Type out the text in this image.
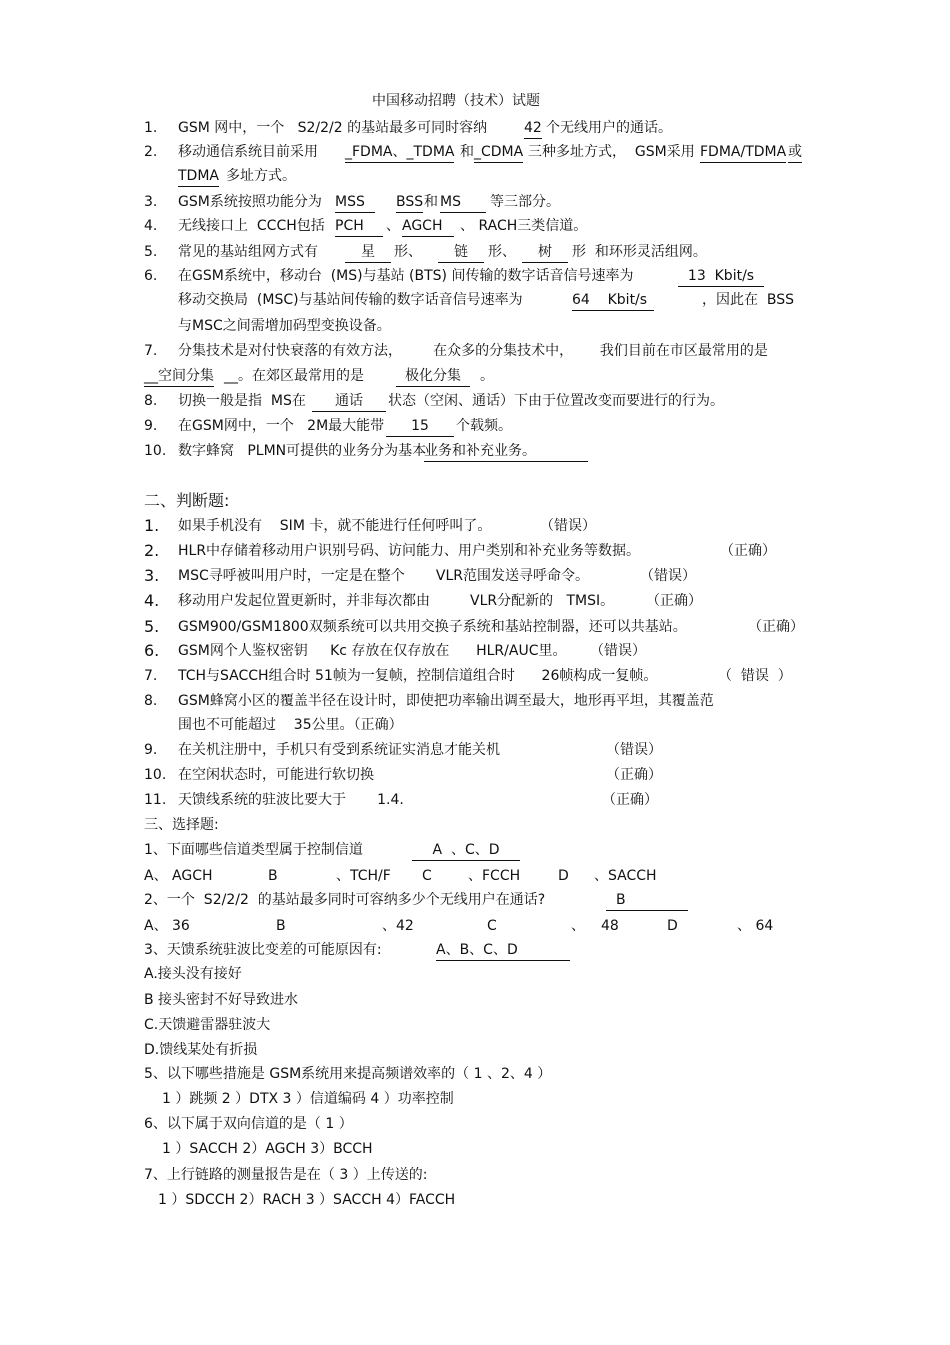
中国移动招聘（技术）试题
1. GSM 网中，一个   S2/2/2 的基站最多可同时容纳	42 个无线用户的通话。
2. 移动通信系统目前采用 _FDMA、_TDMA 和 _CDMA 三种多址方式，  GSM采用 FDMA/TDMA 或
TDMA 多址方式。
3. GSM系统按照功能分为 MSS	BSS 和 MS	等三部分。
4. 无线接口上  CCCH包括 PCH	、 AGCH	、 RACH三类信道。
5. 常见的基站组网方式有	星	形、	链	形、	树	形  和环形灵活组网。
6. 在GSM系统中，移动台  (MS)与基站 (BTS) 间传输的数字话音信号速率为	13  Kbit/s
移动交换局  (MSC)与基站间传输的数字话音信号速率为	64    Kbit/s	，因此在  BSS
与MSC之间需增加码型变换设备。
7. 分集技术是对付快衰落的有效方法，       在众多的分集技术中，      我们目前在市区最常用的是
__空间分集 __。在郊区最常用的是	极化分集	。
8. 切换一般是指  MS在	通话	状态（空闲、通话）下由于位置改变而要进行的行为。
9. 在GSM网中，一个   2M最大能带	15	个载频。
10. 数字蜂窝   PLMN可提供的业务分为基本
业务和补充业务。
二、判断题:
1. 如果手机没有    SIM 卡，就不能进行任何呼叫了。	（错误）
2. HLR中存储着移动用户识别号码、访问能力、用户类别和补充业务等数据。	（正确）
3. MSC寻呼被叫用户时，一定是在整个       VLR范围发送寻呼命令。	（错误）
4. 移动用户发起位置更新时，并非每次都由         VLR分配新的   TMSI。 （正确）
5. GSM900/GSM1800双频系统可以共用交换子系统和基站控制器，还可以共基站。	（正确）
6. GSM网个人鉴权密钥     Kc 存放在仅存放在      HLR/AUC里。 （错误）
7. TCH与SACCH组合时 51帧为一复帧，控制信道组合时      26帧构成一复帧。	（  错误  ）
8. GSM蜂窝小区的覆盖半径在设计时，即使把功率输出调至最大，地形再平坦，其覆盖范
围也不可能超过    35公里。（正确）
9. 在关机注册中，手机只有受到系统证实消息才能关机	（错误）
10. 在空闲状态时，可能进行软切换	（正确）
11. 天馈线系统的驻波比要大于       1.4.	（正确）
三、选择题:
1、下面哪些信道类型属于控制信道	A  、C、D
A、 AGCH	B	、TCH/F C	、FCCH	D 、SACCH
2、一个  S2/2/2  的基站最多同时可容纳多少个无线用户在通话?	B
A、 36	B	、42	C	、 48	D	、 64
3、天馈系统驻波比变差的可能原因有:	A、B、C、D
A.接头没有接好
B 接头密封不好导致进水
C.天馈避雷器驻波大
D.馈线某处有折损
5、以下哪些措施是 GSM系统用来提高频谱效率的（ 1 、2、4 ）
1 ）跳频 2 ）DTX 3 ）信道编码 4 ）功率控制
6、以下属于双向信道的是（ 1 ）
1 ）SACCH 2）AGCH 3）BCCH
7、上行链路的测量报告是在（ 3 ）上传送的:
1 ）SDCCH 2）RACH 3 ）SACCH 4）FACCH
